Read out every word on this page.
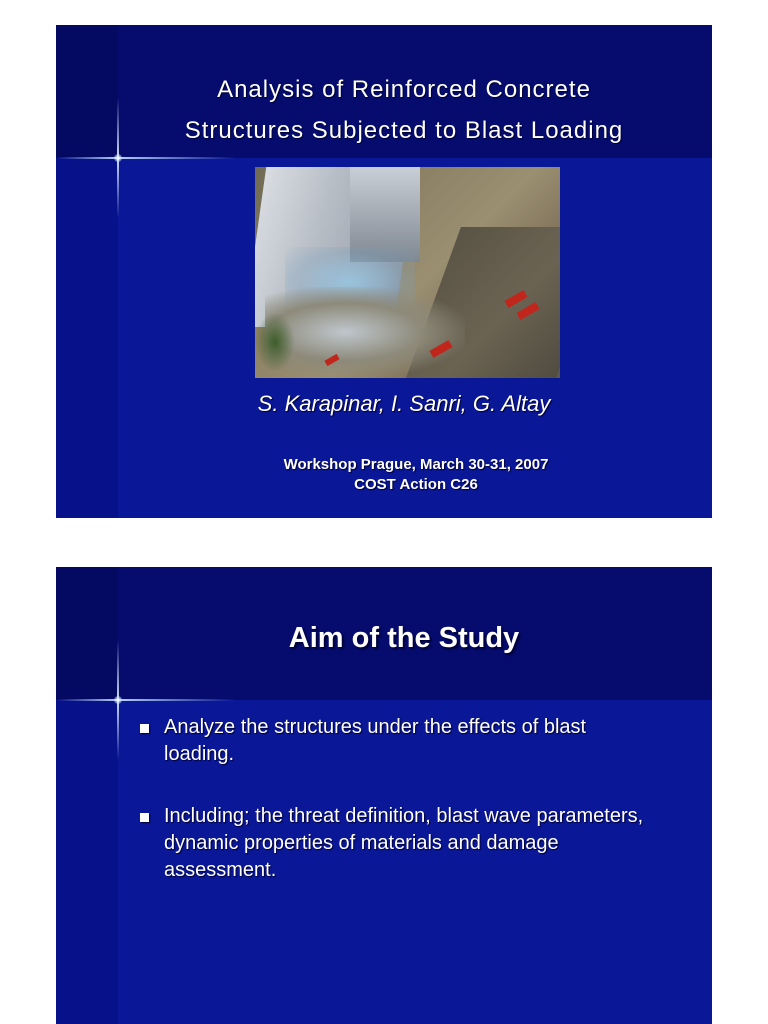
Analysis of Reinforced Concrete
Structures Subjected to Blast Loading
S. Karapinar, I. Sanri, G. Altay
Workshop Prague, March 30-31, 2007
COST Action C26
Aim of the Study
Analyze the structures under the effects of blast loading.
Including; the threat definition, blast wave parameters, dynamic properties of materials and damage assessment.
